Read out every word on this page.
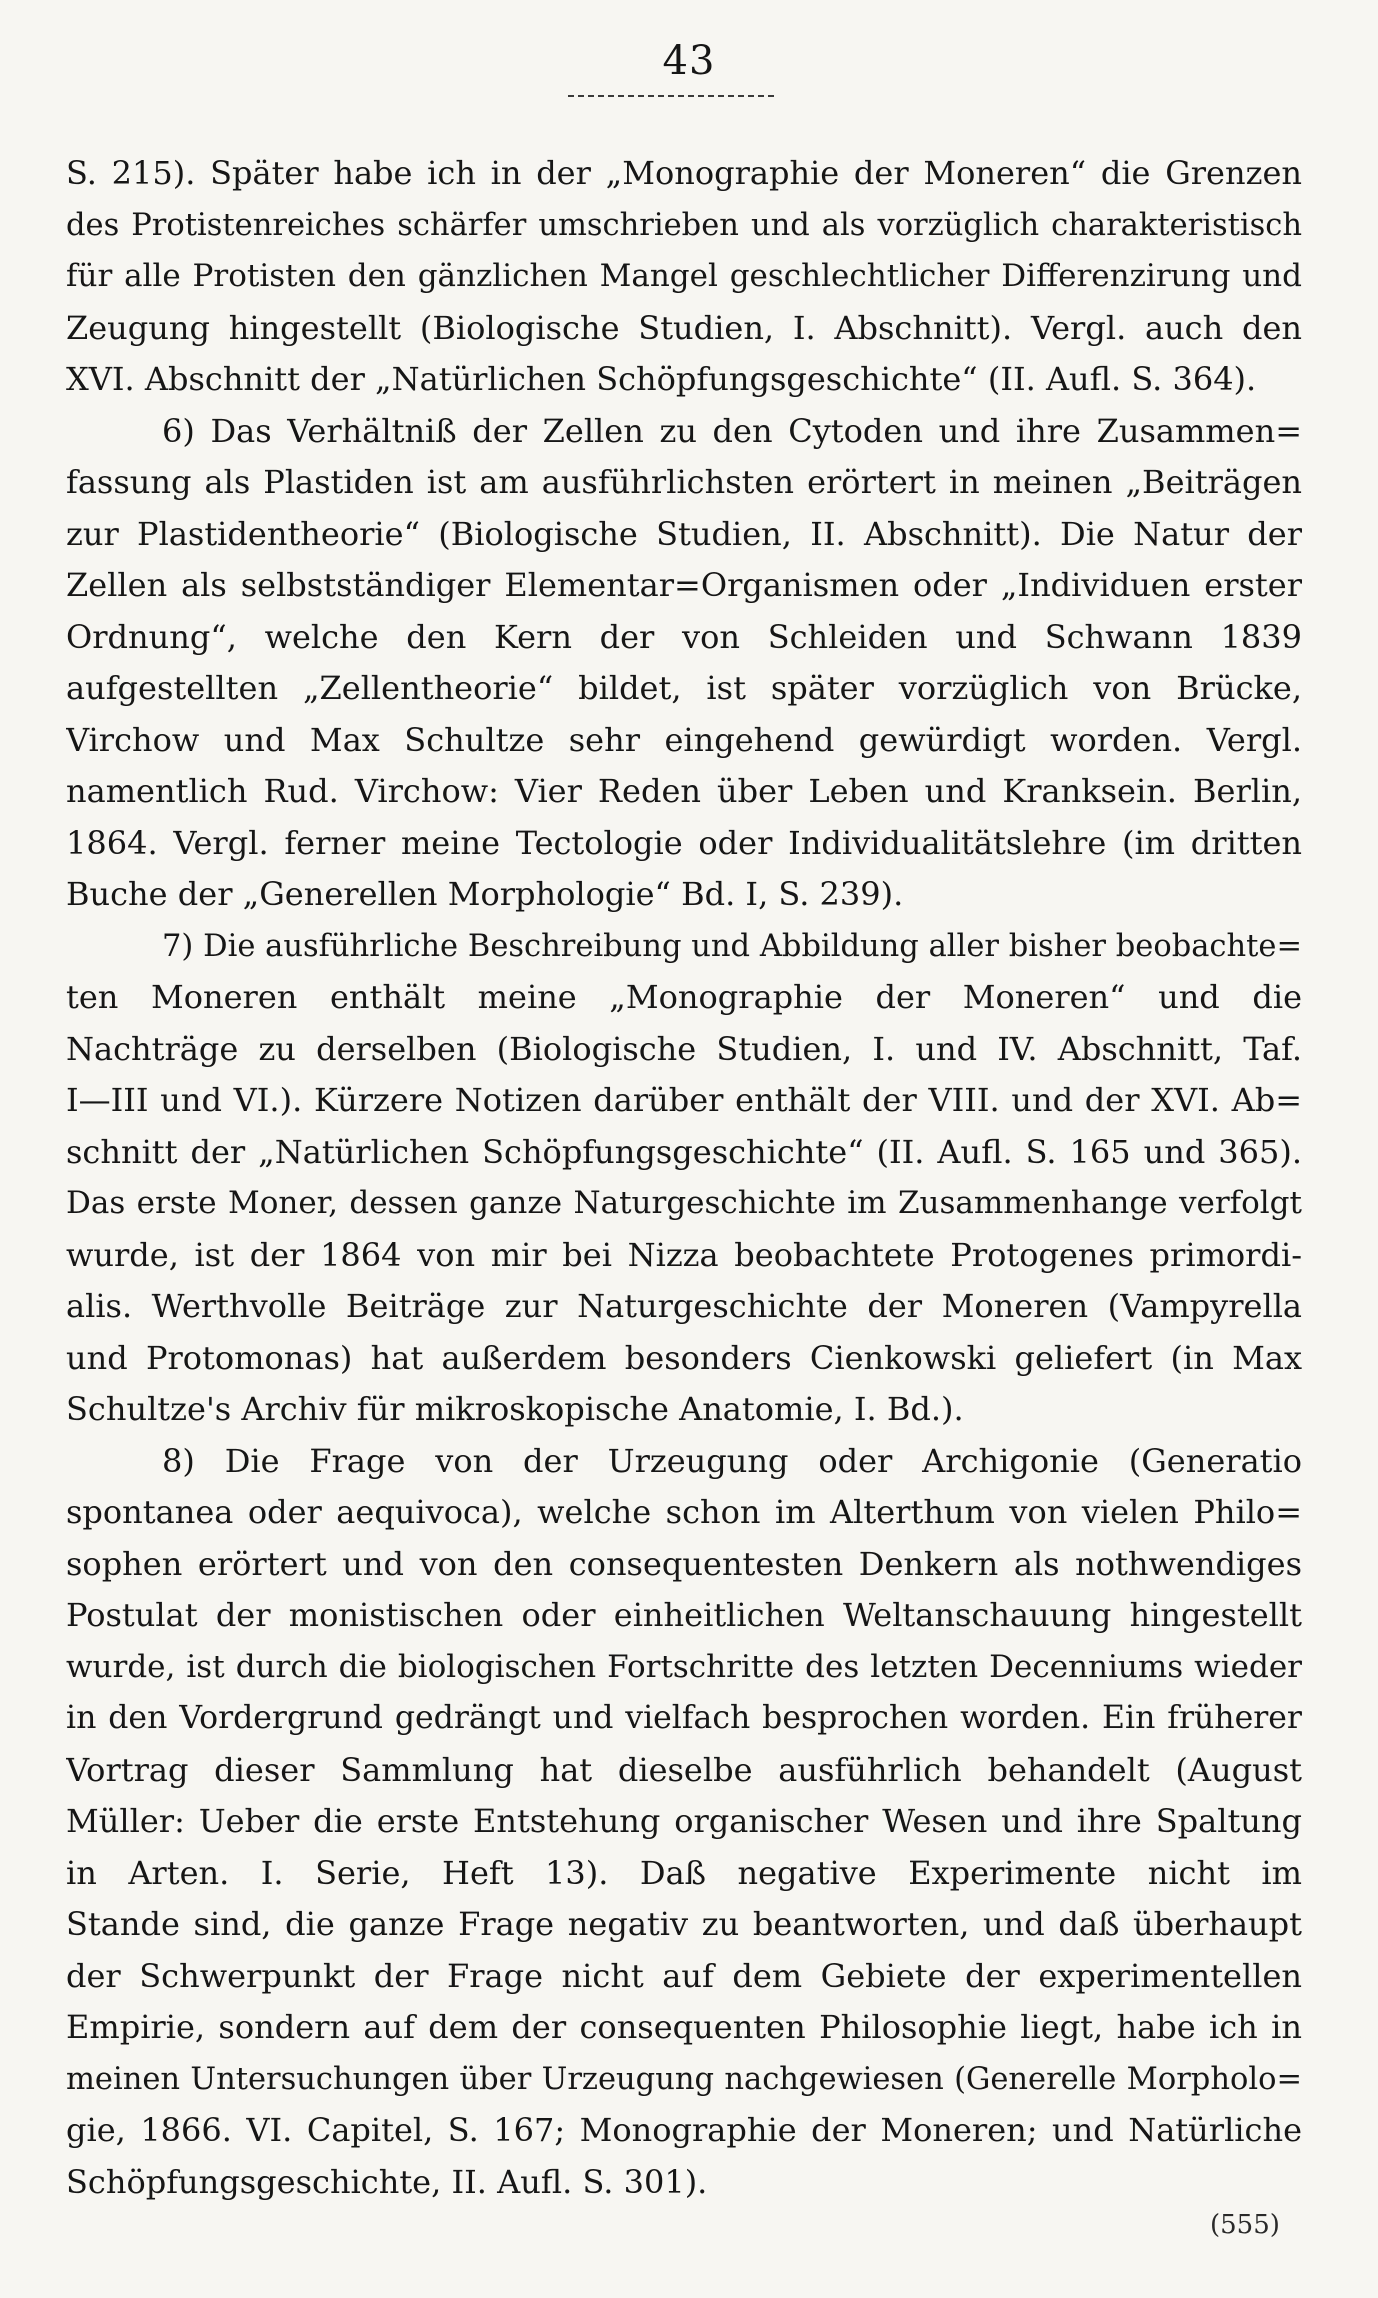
43
S. 215). Später habe ich in der „Monographie der Moneren“ die Grenzen
des Protistenreiches schärfer umschrieben und als vorzüglich charakteristisch
für alle Protisten den gänzlichen Mangel geschlechtlicher Differenzirung und
Zeugung hingestellt (Biologische Studien, I. Abschnitt). Vergl. auch den
XVI. Abschnitt der „Natürlichen Schöpfungsgeschichte“ (II. Aufl. S. 364).
6) Das Verhältniß der Zellen zu den Cytoden und ihre Zusammen=
fassung als Plastiden ist am ausführlichsten erörtert in meinen „Beiträgen
zur Plastidentheorie“ (Biologische Studien, II. Abschnitt). Die Natur der
Zellen als selbstständiger Elementar=Organismen oder „Individuen erster
Ordnung“, welche den Kern der von Schleiden und Schwann 1839
aufgestellten „Zellentheorie“ bildet, ist später vorzüglich von Brücke,
Virchow und Max Schultze sehr eingehend gewürdigt worden. Vergl.
namentlich Rud. Virchow: Vier Reden über Leben und Kranksein. Berlin,
1864. Vergl. ferner meine Tectologie oder Individualitätslehre (im dritten
Buche der „Generellen Morphologie“ Bd. I, S. 239).
7) Die ausführliche Beschreibung und Abbildung aller bisher beobachte=
ten Moneren enthält meine „Monographie der Moneren“ und die
Nachträge zu derselben (Biologische Studien, I. und IV. Abschnitt, Taf.
I—III und VI.). Kürzere Notizen darüber enthält der VIII. und der XVI. Ab=
schnitt der „Natürlichen Schöpfungsgeschichte“ (II. Aufl. S. 165 und 365).
Das erste Moner, dessen ganze Naturgeschichte im Zusammenhange verfolgt
wurde, ist der 1864 von mir bei Nizza beobachtete Protogenes primordi-
alis. Werthvolle Beiträge zur Naturgeschichte der Moneren (Vampyrella
und Protomonas) hat außerdem besonders Cienkowski geliefert (in Max
Schultze's Archiv für mikroskopische Anatomie, I. Bd.).
8) Die Frage von der Urzeugung oder Archigonie (Generatio
spontanea oder aequivoca), welche schon im Alterthum von vielen Philo=
sophen erörtert und von den consequentesten Denkern als nothwendiges
Postulat der monistischen oder einheitlichen Weltanschauung hingestellt
wurde, ist durch die biologischen Fortschritte des letzten Decenniums wieder
in den Vordergrund gedrängt und vielfach besprochen worden. Ein früherer
Vortrag dieser Sammlung hat dieselbe ausführlich behandelt (August
Müller: Ueber die erste Entstehung organischer Wesen und ihre Spaltung
in Arten. I. Serie, Heft 13). Daß negative Experimente nicht im
Stande sind, die ganze Frage negativ zu beantworten, und daß überhaupt
der Schwerpunkt der Frage nicht auf dem Gebiete der experimentellen
Empirie, sondern auf dem der consequenten Philosophie liegt, habe ich in
meinen Untersuchungen über Urzeugung nachgewiesen (Generelle Morpholo=
gie, 1866. VI. Capitel, S. 167; Monographie der Moneren; und Natürliche
Schöpfungsgeschichte, II. Aufl. S. 301).
(555)
